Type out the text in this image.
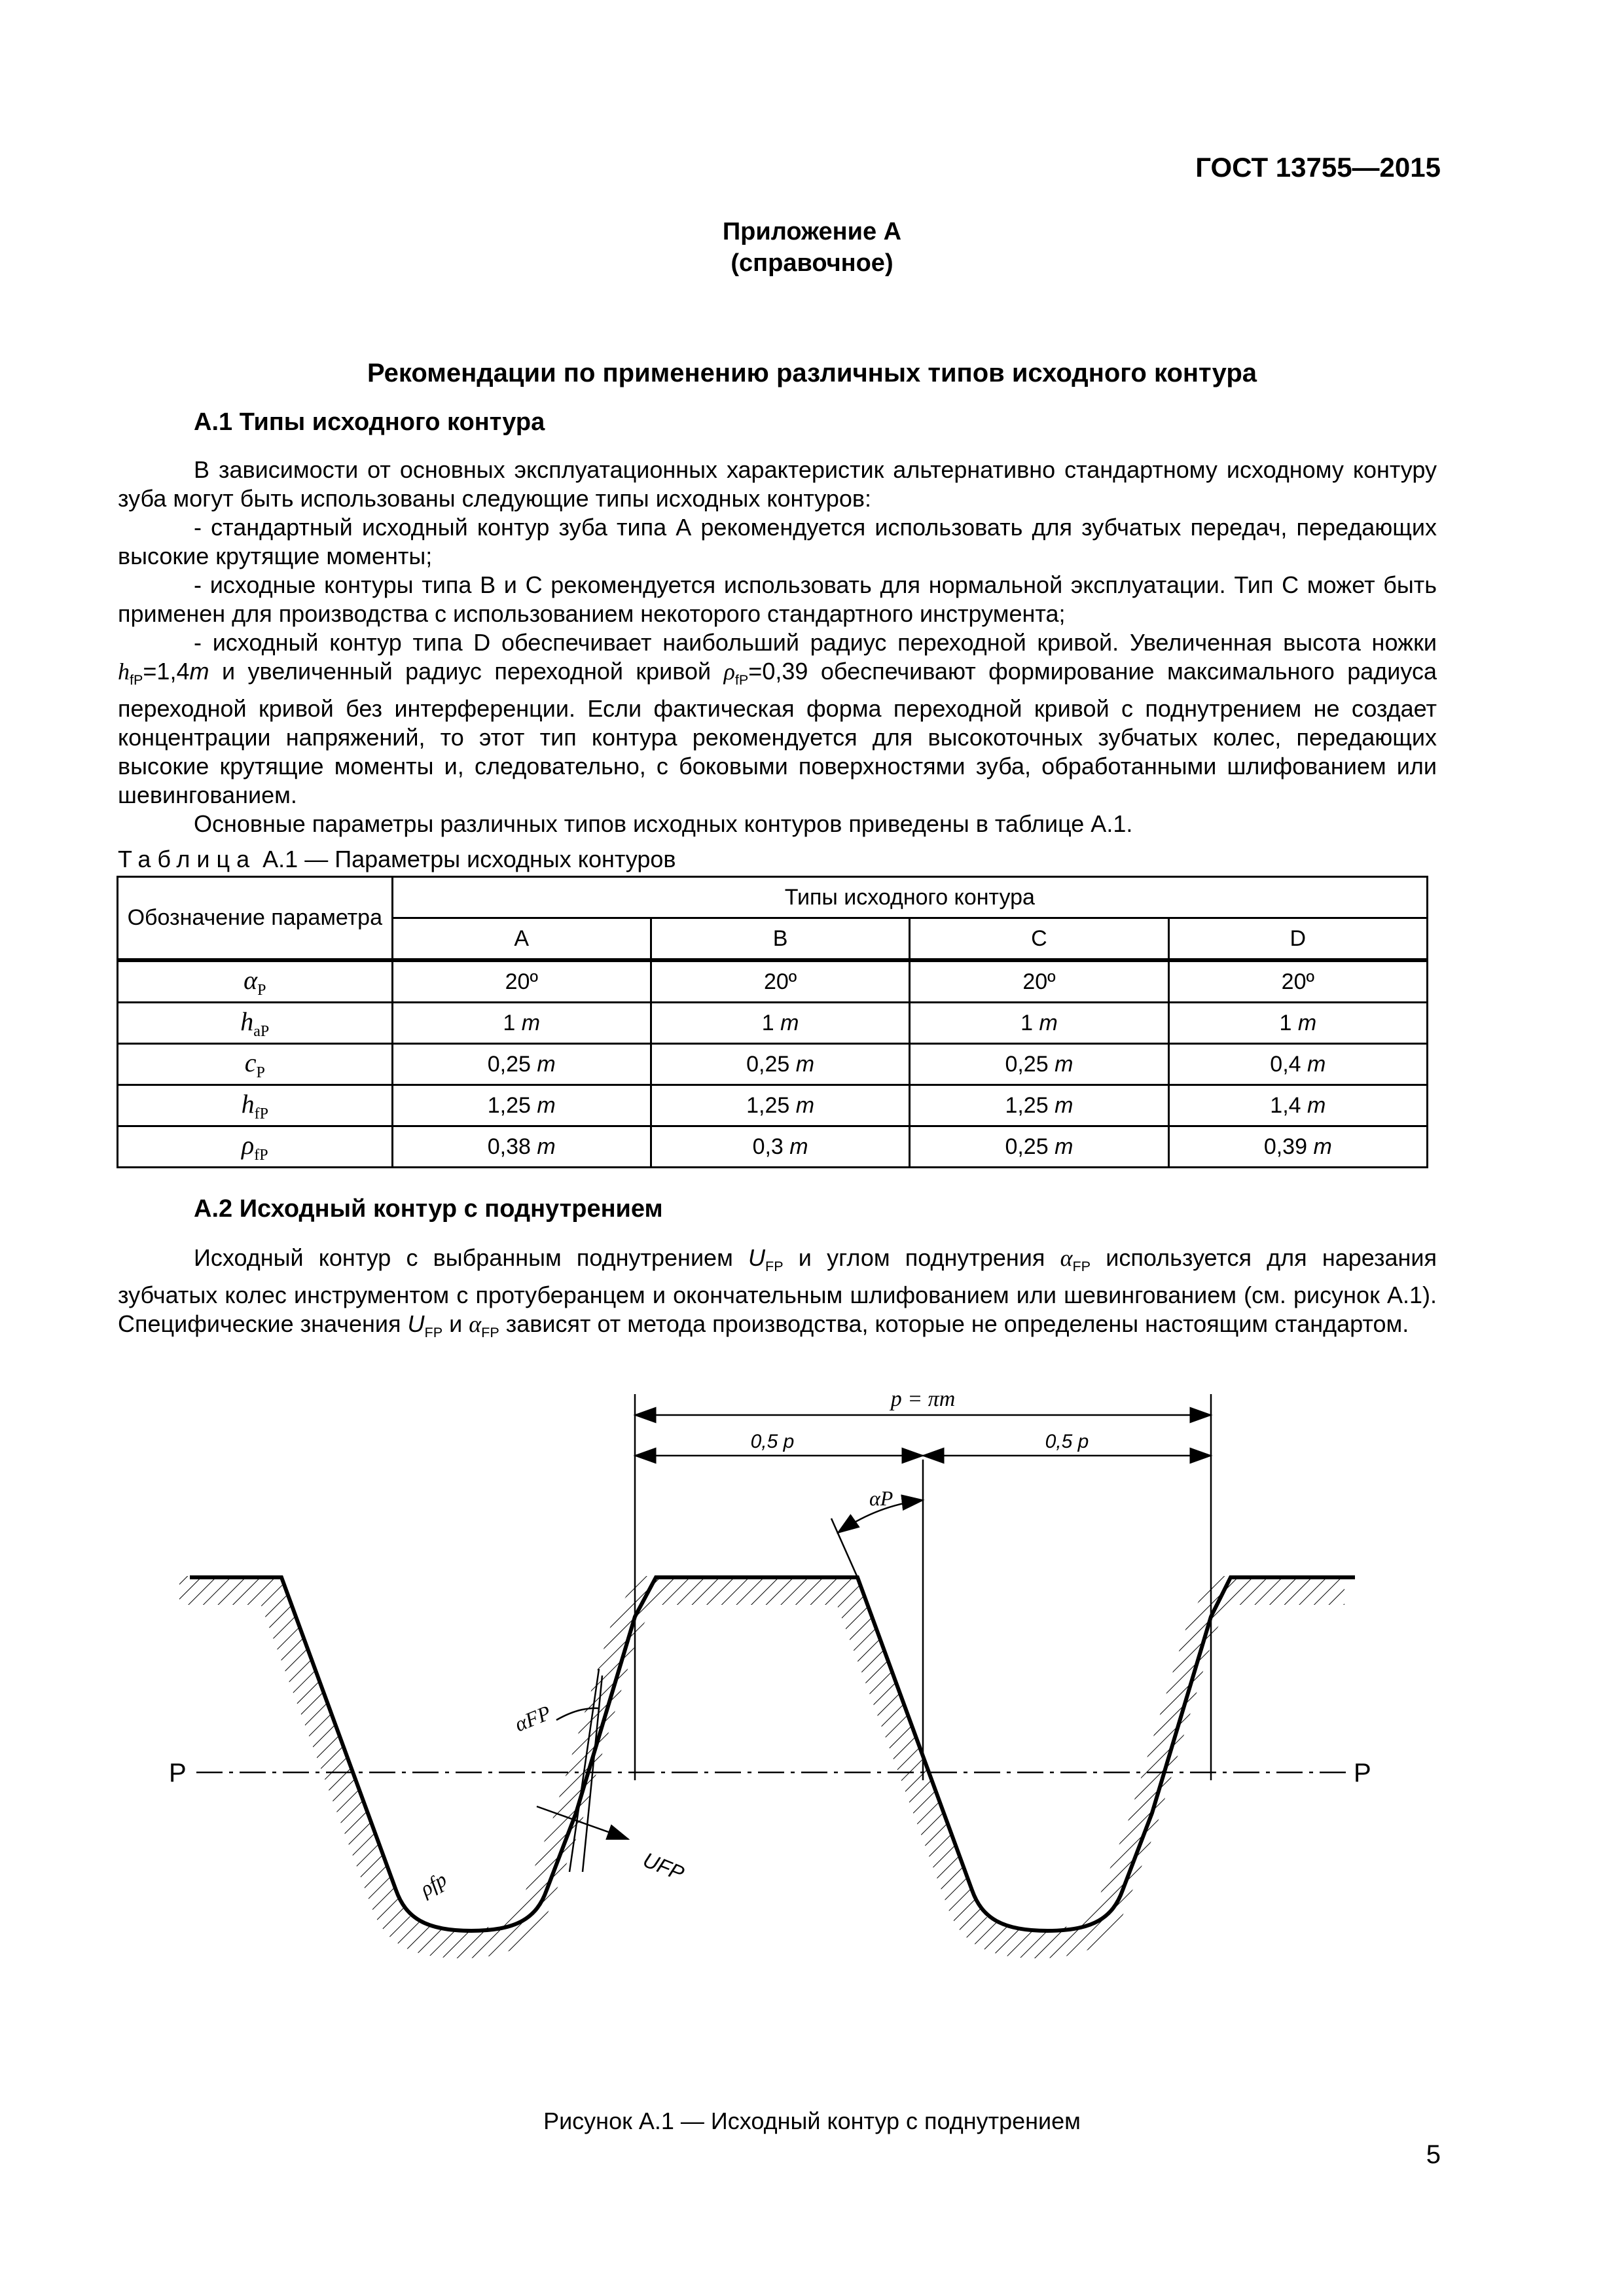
ГОСТ 13755—2015
Приложение А
(справочное)
Рекомендации по применению различных типов исходного контура
А.1 Типы исходного контура

В зависимости от основных эксплуатационных характеристик альтернативно стандартному исходному контуру зуба могут быть использованы следующие типы исходных контуров:

- стандартный исходный контур зуба типа А рекомендуется использовать для зубчатых передач, передающих высокие крутящие моменты;

- исходные контуры типа В и С рекомендуется использовать для нормальной эксплуатации. Тип С может быть применен для производства с использованием некоторого стандартного инструмента;

- исходный контур типа D обеспечивает наибольший радиус переходной кривой. Увеличенная высота ножки $h_{fP}=1,4m$ и увеличенный радиус переходной кривой $\rho_{fP}=0,39$ обеспечивают формирование максимального радиуса переходной кривой без интерференции. Если фактическая форма переходной кривой с поднутрением не создает концентрации напряжений, то этот тип контура рекомендуется для высокоточных зубчатых колес, передающих высокие крутящие моменты и, следовательно, с боковыми поверхностями зуба, обработанными шлифованием или шевингованием.

Основные параметры различных типов исходных контуров приведены в таблице А.1.

Таблица А.1 — Параметры исходных контуров
Обозначение параметра	Типы исходного контура			
	A	B	C	D
$\alpha_P$	20º	20º	20º	20º
$h_{aP}$	1 m	1 m	1 m	1 m
$c_P$	0,25 m	0,25 m	0,25 m	0,4 m
$h_{fP}$	1,25 m	1,25 m	1,25 m	1,4 m
$\rho_{fP}$	0,38 m	0,3 m	0,25 m	0,39 m
А.2 Исходный контур с поднутрением

Исходный контур с выбранным поднутрением $U_{FP}$ и углом поднутрения $\alpha_{FP}$ используется для нарезания зубчатых колес инструментом с протуберанцем и окончательным шлифованием или шевингованием (см. рисунок А.1). Специфические значения $U_{FP}$ и $\alpha_{FP}$ зависят от метода производства, которые не определены настоящим стандартом.

p = πm
0,5 p	0,5 p
αP
αFP
UFP
ρfp
P	P
Рисунок А.1 — Исходный контур с поднутрением
5
